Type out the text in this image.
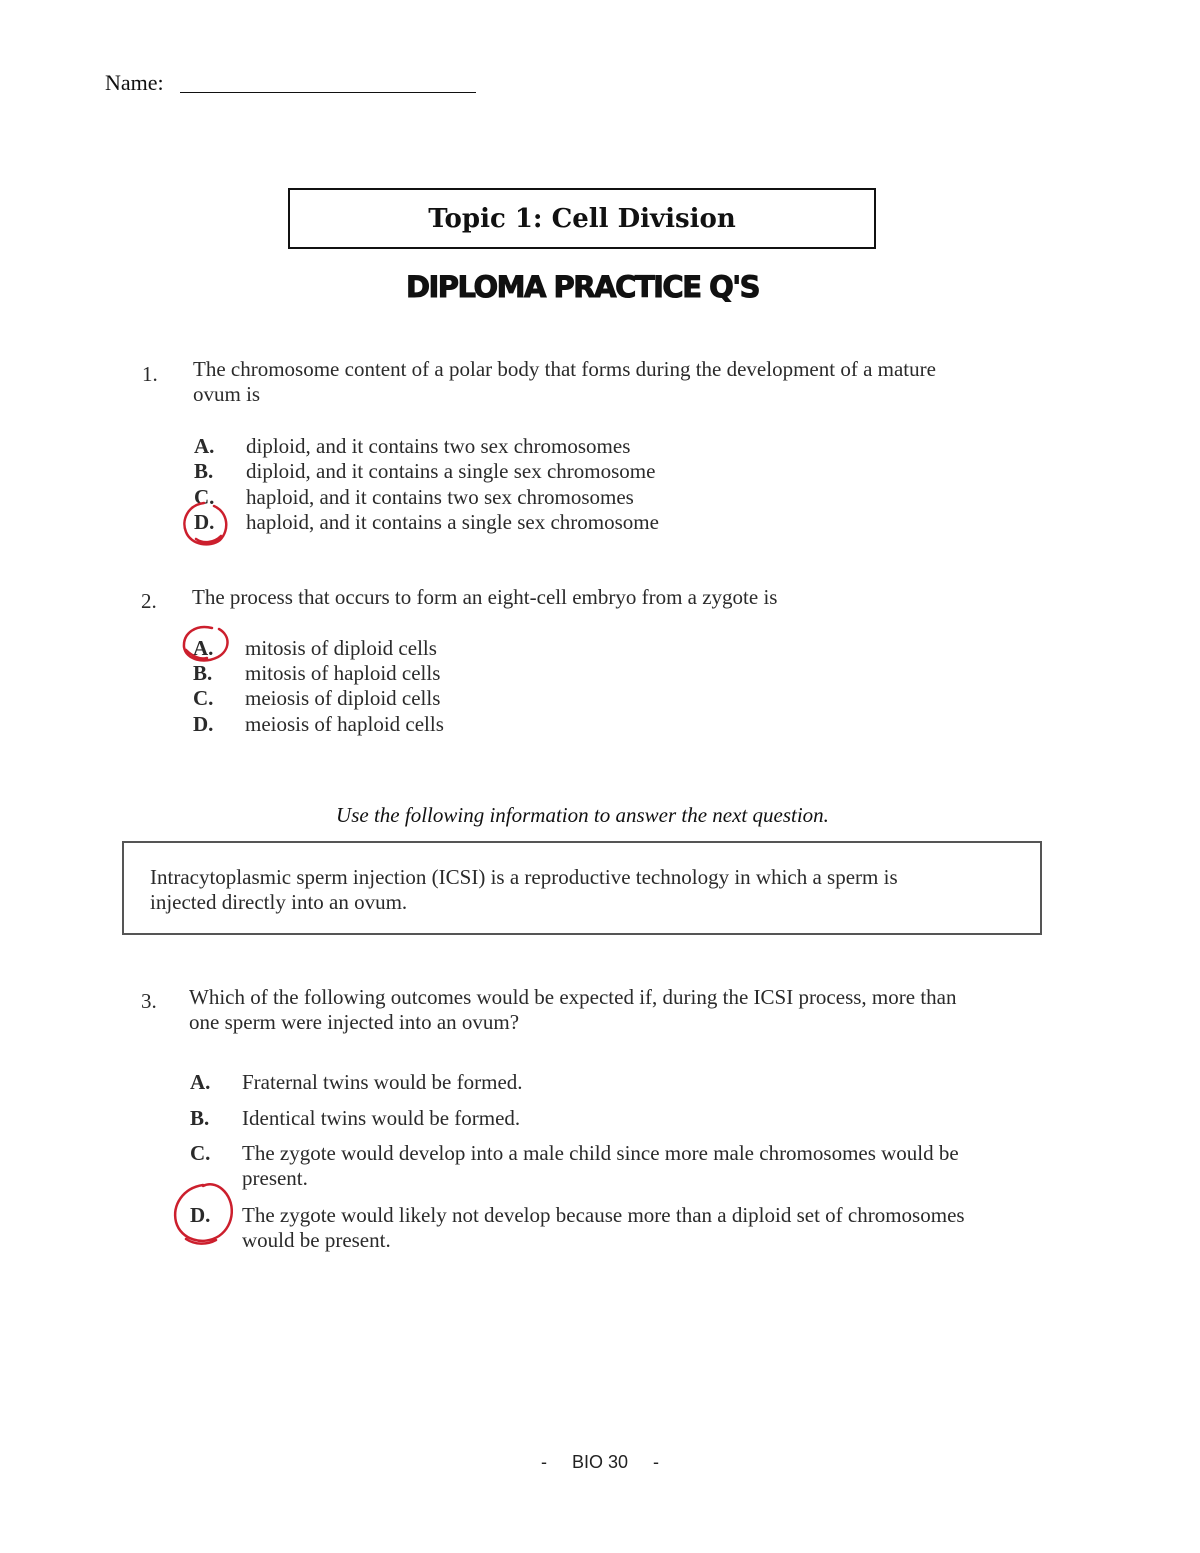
Name:
Topic 1: Cell Division
DIPLOMA PRACTICE Q'S
1. The chromosome content of a polar body that forms during the development of a mature
ovum is
A. diploid, and it contains two sex chromosomes
B. diploid, and it contains a single sex chromosome
C. haploid, and it contains two sex chromosomes
D. haploid, and it contains a single sex chromosome
2. The process that occurs to form an eight-cell embryo from a zygote is
A. mitosis of diploid cells
B. mitosis of haploid cells
C. meiosis of diploid cells
D. meiosis of haploid cells
Use the following information to answer the next question.
Intracytoplasmic sperm injection (ICSI) is a reproductive technology in which a sperm is
injected directly into an ovum.
3. Which of the following outcomes would be expected if, during the ICSI process, more than
one sperm were injected into an ovum?
A. Fraternal twins would be formed.
B. Identical twins would be formed.
C. The zygote would develop into a male child since more male chromosomes would be
present.
D. The zygote would likely not develop because more than a diploid set of chromosomes
would be present.
- BIO 30 -
